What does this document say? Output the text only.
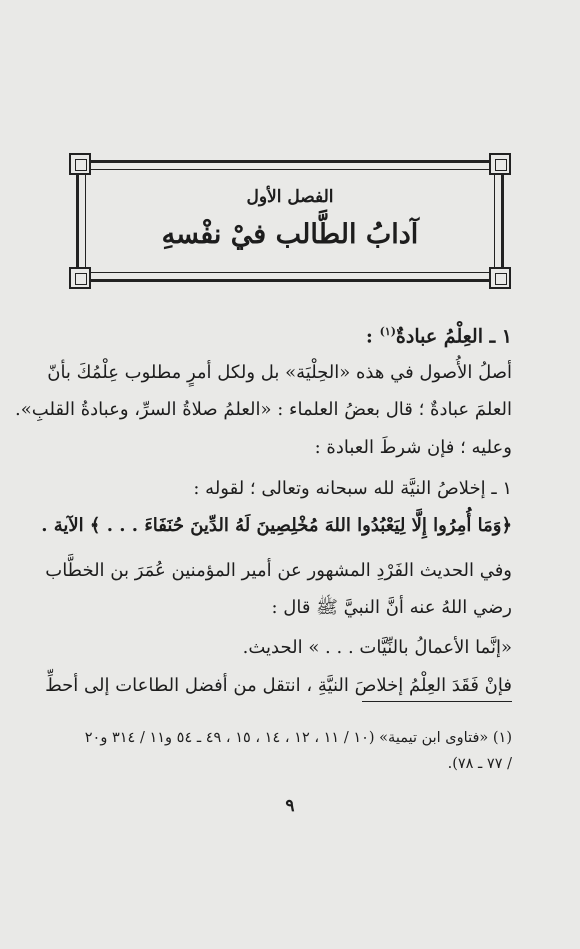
الفصل الأول
آدابُ الطَّالب فيْ نفْسهِ
١ ـ العِلْمُ عبادةٌ$^{(١)}$ :
أصلُ الأُصول في هذه «الحِلْيَة» بل ولكل أمرٍ مطلوب عِلْمُكَ بأنّ
العلمَ عبادةٌ ؛ قال بعضُ العلماء : «العلمُ صلاةُ السرِّ، وعبادةُ القلبِ».
وعليه ؛ فإن شرطَ العبادة :
١ ـ إخلاصُ النيَّة لله سبحانه وتعالى ؛ لقوله :
﴿وَمَا أُمِرُوا إِلَّا لِيَعْبُدُوا اللهَ مُخْلِصِينَ لَهُ الدِّينَ حُنَفَاءَ . . . ﴾ الآية .
وفي الحديث الفَرْدِ المشهور عن أمير المؤمنين عُمَرَ بن الخطَّاب
رضي اللهُ عنه أنَّ النبيَّ ﷺ قال :
«إنَّما الأعمالُ بالنِّيَّات . . . » الحديث.
فإنْ فَقَدَ العِلْمُ إخلاصَ النيَّةِ ، انتقل من أفضل الطاعات إلى أحطِّ
(١) «فتاوى ابن تيمية» (١٠ / ١١ ، ١٢ ، ١٤ ، ١٥ ، ٤٩ ـ ٥٤ و١١ / ٣١٤ و٢٠
/ ٧٧ ـ ٧٨).
٩
